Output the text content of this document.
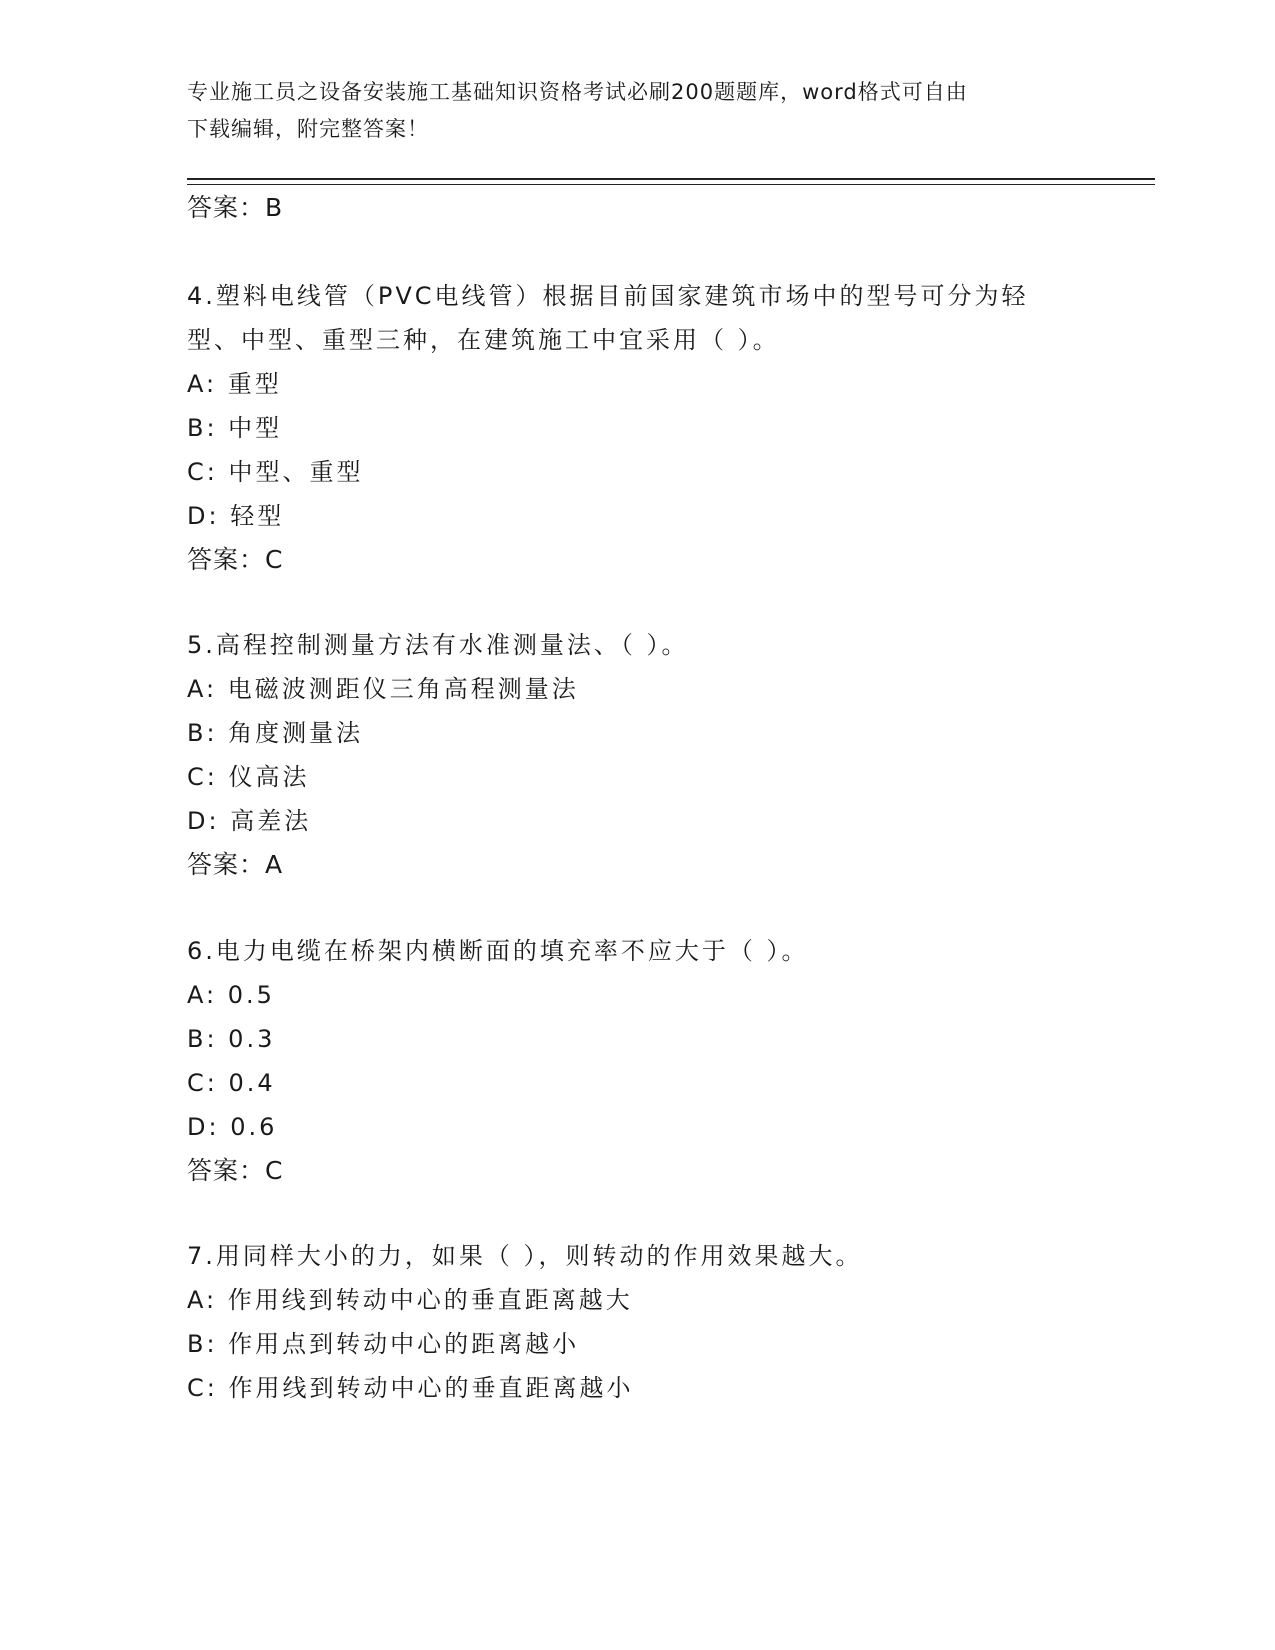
专业施工员之设备安装施工基础知识资格考试必刷200题题库，word格式可自由
下载编辑，附完整答案！
答案：B
4.塑料电线管（PVC电线管）根据目前国家建筑市场中的型号可分为轻
型、中型、重型三种，在建筑施工中宜采用（ ）。
A: 重型
B: 中型
C: 中型、重型
D: 轻型
答案：C
5.高程控制测量方法有水准测量法、（ ）。
A: 电磁波测距仪三角高程测量法
B: 角度测量法
C: 仪高法
D: 高差法
答案：A
6.电力电缆在桥架内横断面的填充率不应大于（ ）。
A: 0.5
B: 0.3
C: 0.4
D: 0.6
答案：C
7.用同样大小的力，如果（ ），则转动的作用效果越大。
A: 作用线到转动中心的垂直距离越大
B: 作用点到转动中心的距离越小
C: 作用线到转动中心的垂直距离越小
